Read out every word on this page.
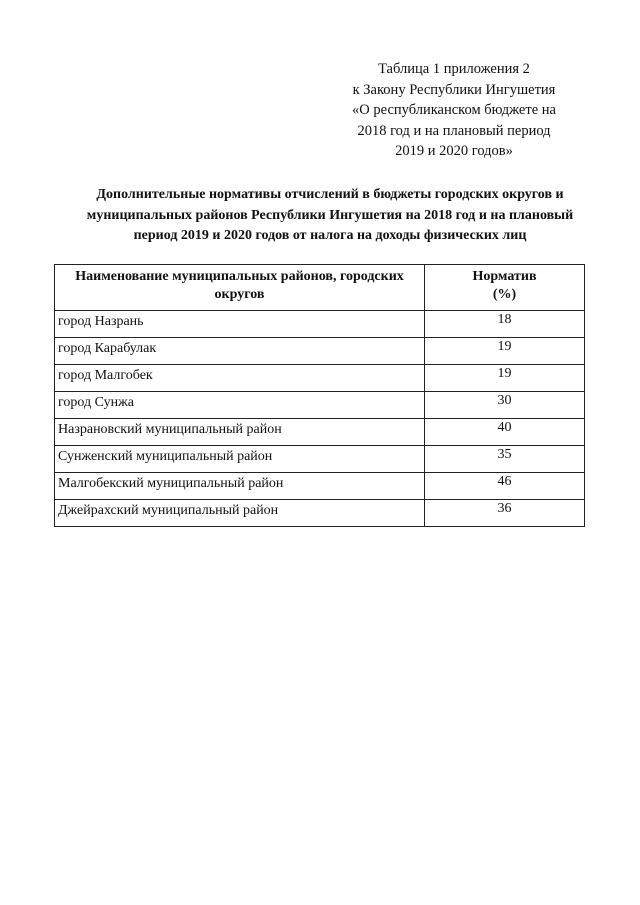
Таблица 1 приложения 2
к Закону Республики Ингушетия
«О республиканском бюджете на
2018 год и на плановый период
2019 и 2020 годов»
Дополнительные нормативы отчислений в бюджеты городских округов и
муниципальных районов Республики Ингушетия на 2018 год и на плановый
период 2019 и 2020 годов от налога на доходы физических лиц
Наименование муниципальных районов, городских
округов	Норматив
(%)

город Назрань	18
город Карабулак	19
город Малгобек	19
город Сунжа	30
Назрановский муниципальный район	40
Сунженский муниципальный район	35
Малгобекский муниципальный район	46
Джейрахский муниципальный район	36
